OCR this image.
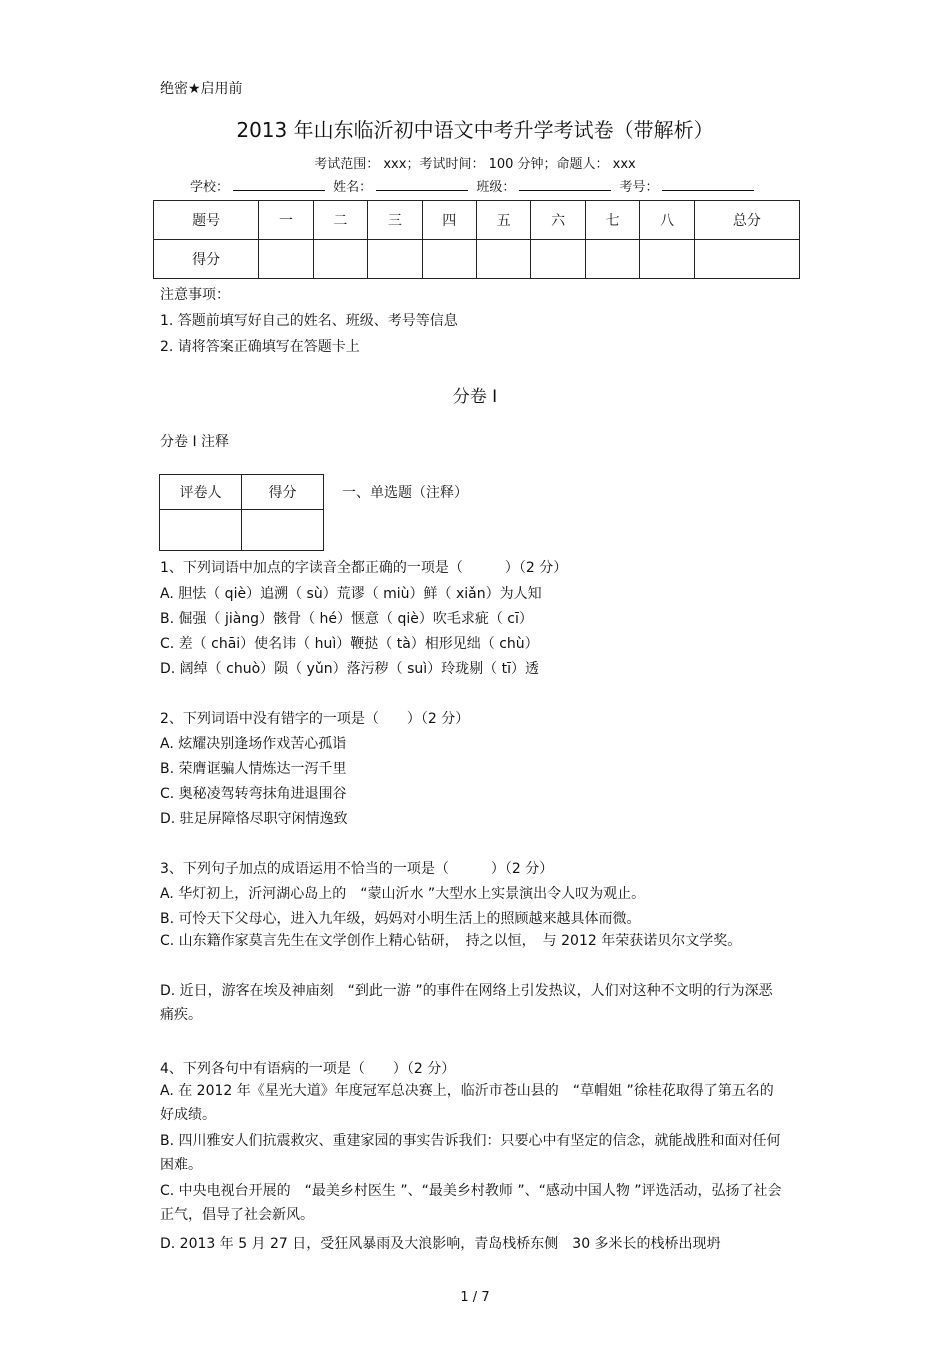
绝密★启用前
2013 年山东临沂初中语文中考升学考试卷（带解析）
考试范围： xxx；考试时间： 100 分钟；命题人： xxx
学校：	姓名：	班级：	考号：
题号	一	二	三	四	五	六	七	八	总分
得分									
注意事项：
1. 答题前填写好自己的姓名、班级、考号等信息
2. 请将答案正确填写在答题卡上
分卷 I
分卷 I 注释
评卷人	得分
		一、单选题（注释）
1、下列词语中加点的字读音全都正确的一项是（　　　）（2 分）
A. 胆怯（ qiè）追溯（ sù）荒谬（ miù）鲜（ xiǎn）为人知
B. 倔强（ jiàng）骸骨（ hé）惬意（ qiè）吹毛求疵（ cī）
C. 差（ chāi）使名讳（ huì）鞭挞（ tà）相形见绌（ chù）
D. 阔绰（ chuò）陨（ yǔn）落污秽（ suì）玲珑剔（ tī）透
2、下列词语中没有错字的一项是（　　）（2 分）
A. 炫耀决别逢场作戏苦心孤诣
B. 荣膺诓骗人情炼达一泻千里
C. 奥秘凌驾转弯抹角进退围谷
D. 驻足屏障恪尽职守闲情逸致
3、下列句子加点的成语运用不恰当的一项是（　　　）（2 分）
A. 华灯初上，沂河湖心岛上的　“蒙山沂水 ”大型水上实景演出令人叹为观止。
B. 可怜天下父母心，进入九年级，妈妈对小明生活上的照顾越来越具体而微。
C. 山东籍作家莫言先生在文学创作上精心钻研，　持之以恒，　与 2012 年荣获诺贝尔文学奖。
D. 近日，游客在埃及神庙刻　“到此一游 ”的事件在网络上引发热议，人们对这种不文明的行为深恶痛疾。
4、下列各句中有语病的一项是（　　）（2 分）
A. 在 2012 年《星光大道》年度冠军总决赛上，临沂市苍山县的　“草帽姐 ”徐桂花取得了第五名的好成绩。
B. 四川雅安人们抗震救灾、重建家园的事实告诉我们：只要心中有坚定的信念，就能战胜和面对任何困难。
C. 中央电视台开展的　“最美乡村医生 ”、“最美乡村教师 ”、“感动中国人物 ”评选活动，弘扬了社会正气，倡导了社会新风。
D. 2013 年 5 月 27 日，受狂风暴雨及大浪影响，青岛栈桥东侧　30 多米长的栈桥出现坍
1 / 7
